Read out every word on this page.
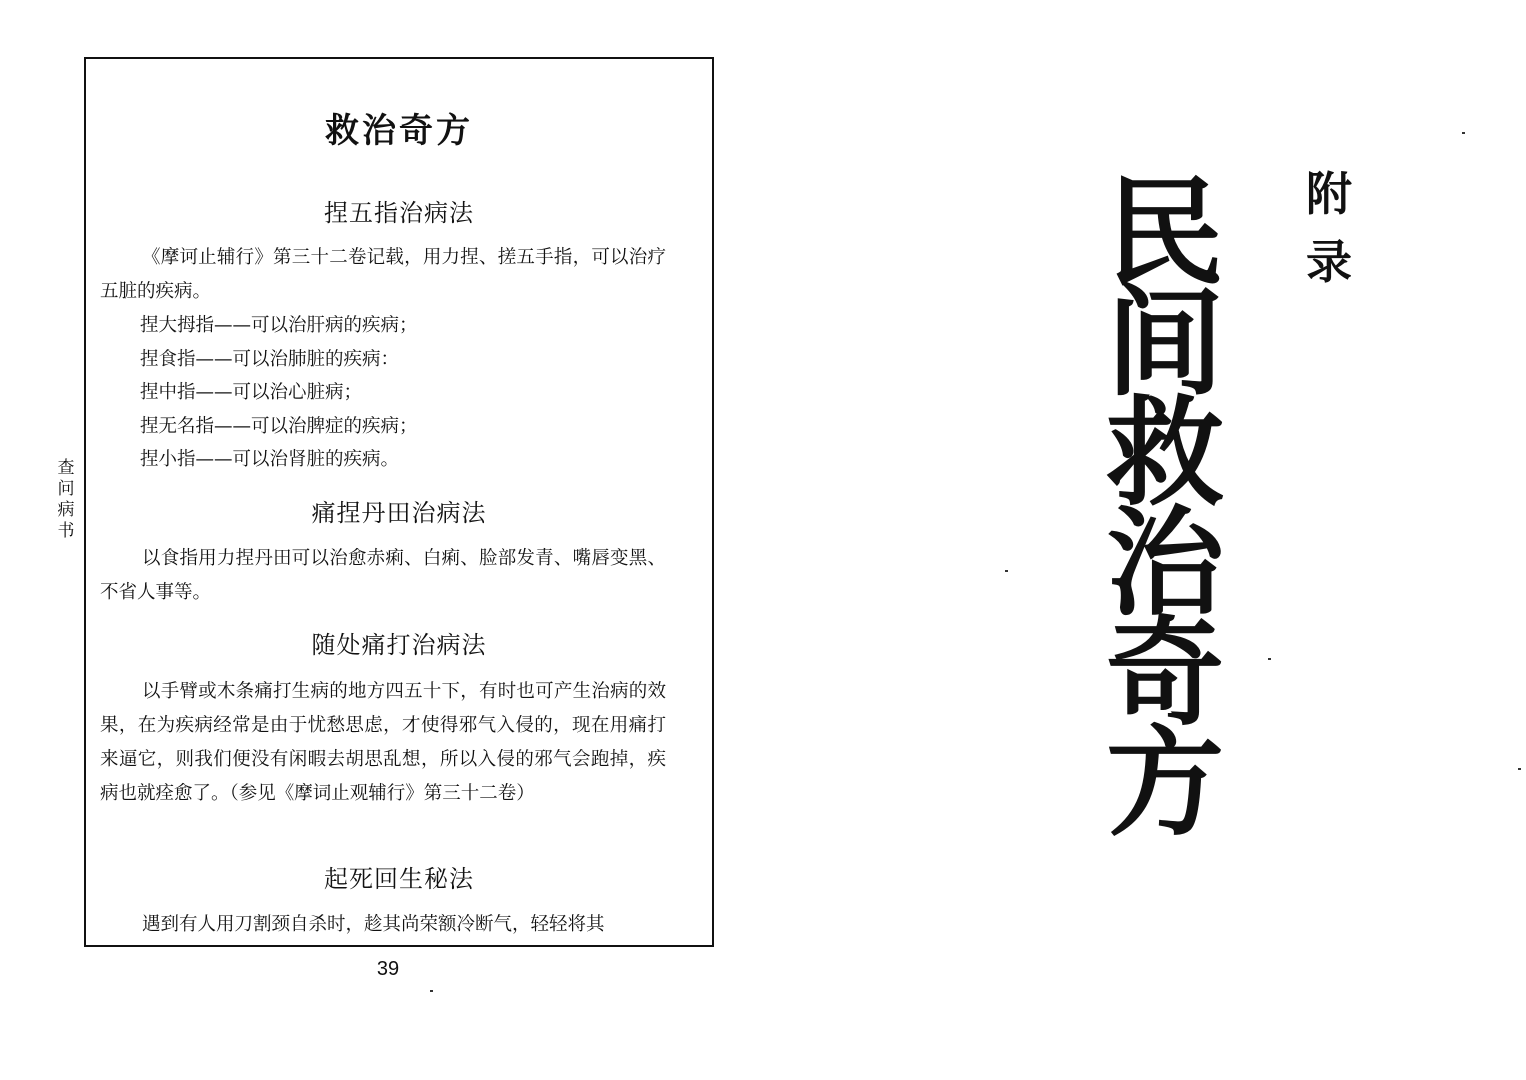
查
问
病
书
救治奇方
捏五指治病法
《摩诃止辅行》第三十二卷记载，用力捏、搓五手指，可以治疗五脏的疾病。
捏大拇指——可以治肝病的疾病；
捏食指——可以治肺脏的疾病：
捏中指——可以治心脏病；
捏无名指——可以治脾症的疾病；
捏小指——可以治肾脏的疾病。
痛捏丹田治病法
以食指用力捏丹田可以治愈赤痢、白痢、脸部发青、嘴唇变黑、不省人事等。
随处痛打治病法
以手臂或木条痛打生病的地方四五十下，有时也可产生治病的效果，在为疾病经常是由于忧愁思虑，才使得邪气入侵的，现在用痛打来逼它，则我们便没有闲暇去胡思乱想，所以入侵的邪气会跑掉，疾病也就痊愈了。（参见《摩词止观辅行》第三十二卷）
起死回生秘法
遇到有人用刀割颈自杀时，趁其尚荣额冷断气，轻轻将其
39
附
录
民
间
救
治
奇
方
